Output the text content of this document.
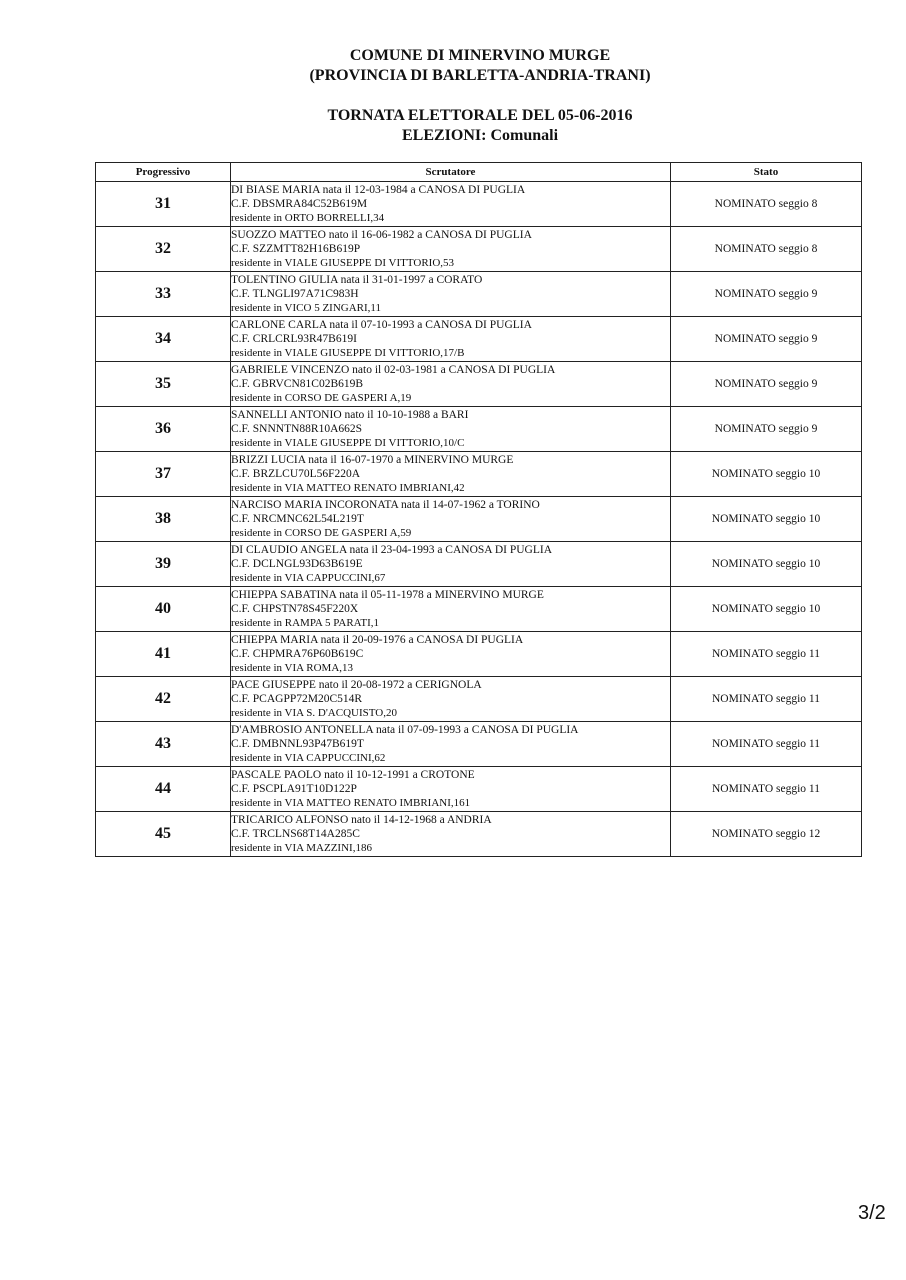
COMUNE DI MINERVINO MURGE
(PROVINCIA DI BARLETTA-ANDRIA-TRANI)
TORNATA ELETTORALE DEL 05-06-2016
ELEZIONI: Comunali
Progressivo	Scrutatore	Stato
31	DI BIASE MARIA nata il 12-03-1984 a CANOSA DI PUGLIA
C.F. DBSMRA84C52B619M
residente in ORTO BORRELLI,34	NOMINATO seggio 8
32	SUOZZO MATTEO nato il 16-06-1982 a CANOSA DI PUGLIA
C.F. SZZMTT82H16B619P
residente in VIALE GIUSEPPE DI VITTORIO,53	NOMINATO seggio 8
33	TOLENTINO GIULIA nata il 31-01-1997 a CORATO
C.F. TLNGLI97A71C983H
residente in VICO 5 ZINGARI,11	NOMINATO seggio 9
34	CARLONE CARLA nata il 07-10-1993 a CANOSA DI PUGLIA
C.F. CRLCRL93R47B619I
residente in VIALE GIUSEPPE DI VITTORIO,17/B	NOMINATO seggio 9
35	GABRIELE VINCENZO nato il 02-03-1981 a CANOSA DI PUGLIA
C.F. GBRVCN81C02B619B
residente in CORSO DE GASPERI A,19	NOMINATO seggio 9
36	SANNELLI ANTONIO nato il 10-10-1988 a BARI
C.F. SNNNTN88R10A662S
residente in VIALE GIUSEPPE DI VITTORIO,10/C	NOMINATO seggio 9
37	BRIZZI LUCIA nata il 16-07-1970 a MINERVINO MURGE
C.F. BRZLCU70L56F220A
residente in VIA MATTEO RENATO IMBRIANI,42	NOMINATO seggio 10
38	NARCISO MARIA INCORONATA nata il 14-07-1962 a TORINO
C.F. NRCMNC62L54L219T
residente in CORSO DE GASPERI A,59	NOMINATO seggio 10
39	DI CLAUDIO ANGELA nata il 23-04-1993 a CANOSA DI PUGLIA
C.F. DCLNGL93D63B619E
residente in VIA CAPPUCCINI,67	NOMINATO seggio 10
40	CHIEPPA SABATINA nata il 05-11-1978 a MINERVINO MURGE
C.F. CHPSTN78S45F220X
residente in RAMPA 5 PARATI,1	NOMINATO seggio 10
41	CHIEPPA MARIA nata il 20-09-1976 a CANOSA DI PUGLIA
C.F. CHPMRA76P60B619C
residente in VIA ROMA,13	NOMINATO seggio 11
42	PACE GIUSEPPE nato il 20-08-1972 a CERIGNOLA
C.F. PCAGPP72M20C514R
residente in VIA S. D'ACQUISTO,20	NOMINATO seggio 11
43	D'AMBROSIO ANTONELLA nata il 07-09-1993 a CANOSA DI PUGLIA
C.F. DMBNNL93P47B619T
residente in VIA CAPPUCCINI,62	NOMINATO seggio 11
44	PASCALE PAOLO nato il 10-12-1991 a CROTONE
C.F. PSCPLA91T10D122P
residente in VIA MATTEO RENATO IMBRIANI,161	NOMINATO seggio 11
45	TRICARICO ALFONSO nato il 14-12-1968 a ANDRIA
C.F. TRCLNS68T14A285C
residente in VIA MAZZINI,186	NOMINATO seggio 12
3/2
